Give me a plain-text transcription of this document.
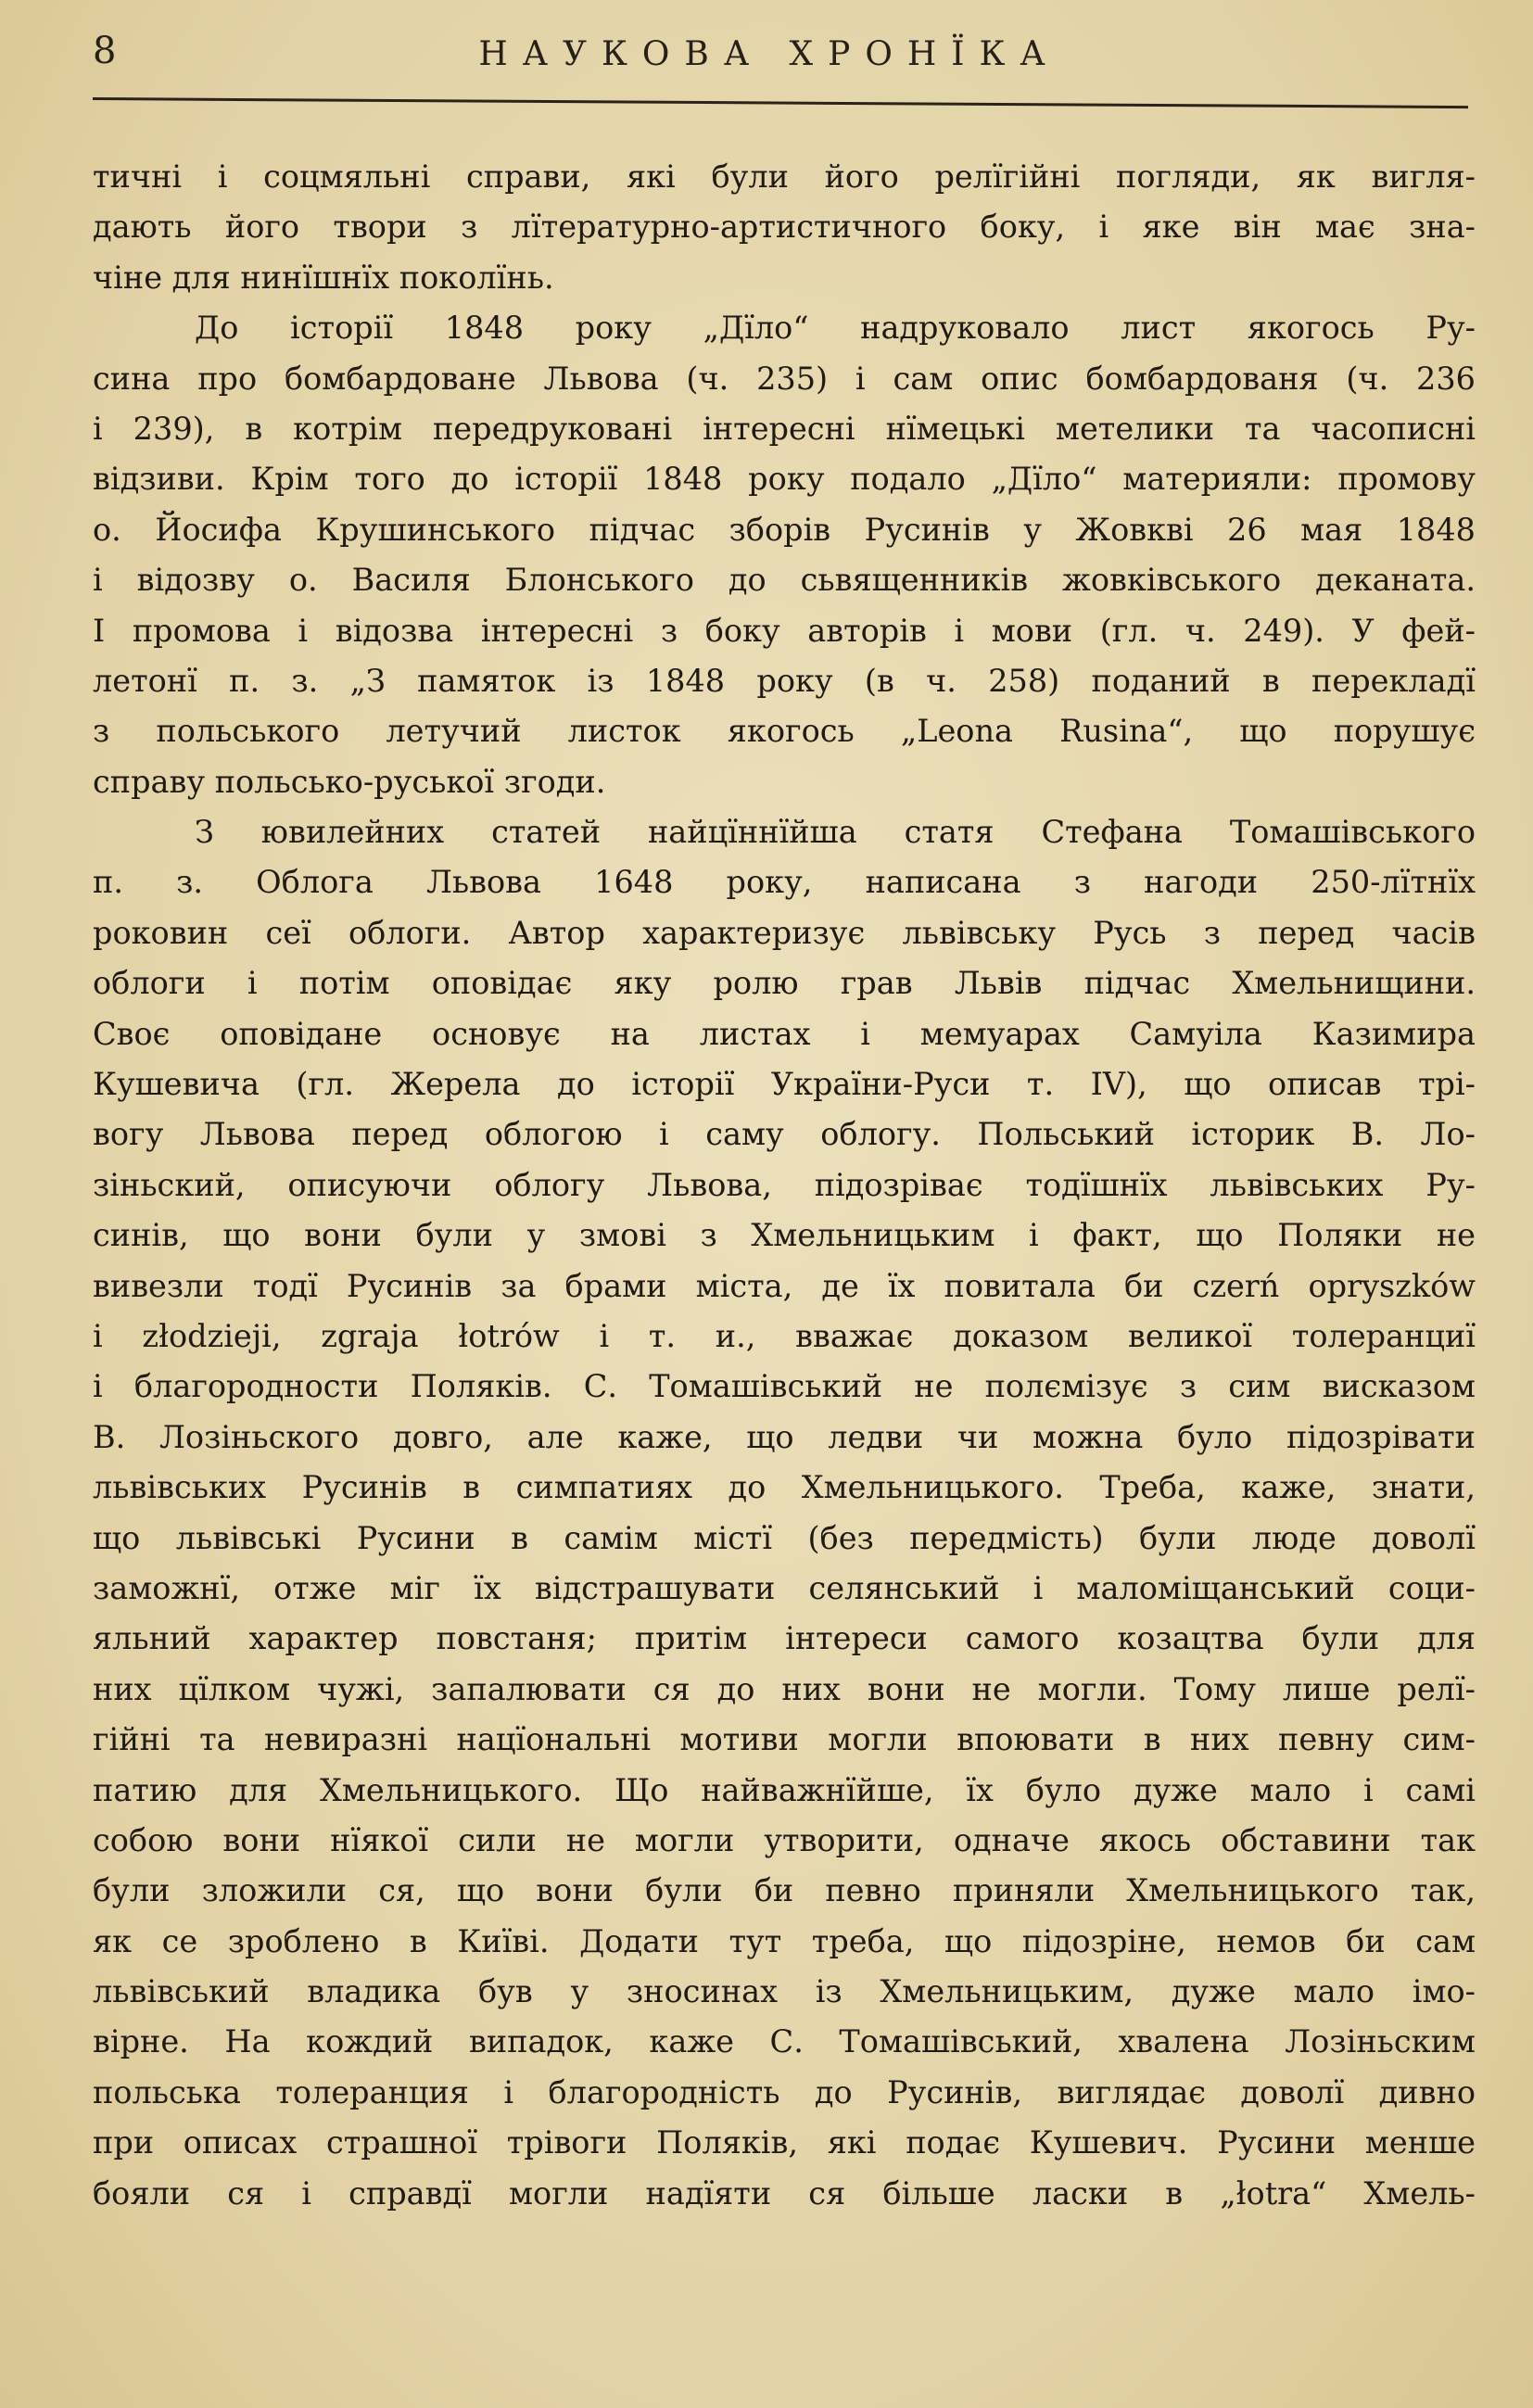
8	НАУКОВА ХРОНЇКА
тичні і соцмяльні справи, які були його релїгійні погляди, як вигля-
дають його твори з лїтературно-артистичного боку, і яке він має зна-
чіне для нинїшнїх поколїнь.
До історії 1848 року „Дїло“ надруковало лист якогось Ру-
сина про бомбардоване Львова (ч. 235) і сам опис бомбардованя (ч. 236
і 239), в котрім передруковані інтересні нїмецькі метелики та часописні
відзиви. Крім того до історії 1848 року подало „Дїло“ материяли: промову
о. Йосифа Крушинського підчас зборів Русинів у Жовкві 26 мая 1848
і відозву о. Василя Блонського до сьвященників жовківського деканата.
І промова і відозва інтересні з боку авторів і мови (гл. ч. 249). У фей-
летонї п. з. „З памяток із 1848 року (в ч. 258) поданий в перекладї
з польського летучий листок якогось „Leona Rusina“, що порушує
справу польсько-руської згоди.
З ювилейних статей найцїннїйша статя Стефана Томашівського
п. з. Облога Львова 1648 року, написана з нагоди 250-лїтнїх
роковин сеї облоги. Автор характеризує львівську Русь з перед часів
облоги і потім оповідає яку ролю грав Львів підчас Хмельнищини.
Своє оповідане основує на листах і мемуарах Самуіла Казимира
Кушевича (гл. Жерела до історії України-Руси т. IV), що описав трі-
вогу Львова перед облогою і саму облогу. Польський історик В. Ло-
зіньский, описуючи облогу Львова, підозріває тодїшнїх львівських Ру-
синів, що вони були у змові з Хмельницьким і факт, що Поляки не
вивезли тодї Русинів за брами міста, де їх повитала би czerń opryszków
i złodziejі, zgraja łotrów і т. и., вважає доказом великої толеранциї
і благородности Поляків. С. Томашівський не полємізує з сим висказом
В. Лозіньского довго, але каже, що ледви чи можна було підозрівати
львівських Русинів в симпатиях до Хмельницького. Треба, каже, знати,
що львівські Русини в самім містї (без передмість) були люде доволї
заможнї, отже міг їх відстрашувати селянський і маломіщанський соци-
яльний характер повстаня; притім інтереси самого козацтва були для
них цїлком чужі, запалювати ся до них вони не могли. Тому лише релї-
гійні та невиразні нацїональні мотиви могли впоювати в них певну сим-
патию для Хмельницького. Що найважнїйше, їх було дуже мало і самі
собою вони нїякої сили не могли утворити, одначе якось обставини так
були зложили ся, що вони були би певно приняли Хмельницького так,
як се зроблено в Київі. Додати тут треба, що підозріне, немов би сам
львівський владика був у зносинах із Хмельницьким, дуже мало імо-
вірне. На кождий випадок, каже С. Томашівський, хвалена Лозіньским
польська толеранция і благородність до Русинів, виглядає доволї дивно
при описах страшної трівоги Поляків, які подає Кушевич. Русини менше
бояли ся і справдї могли надїяти ся більше ласки в „łotra“ Хмель-
